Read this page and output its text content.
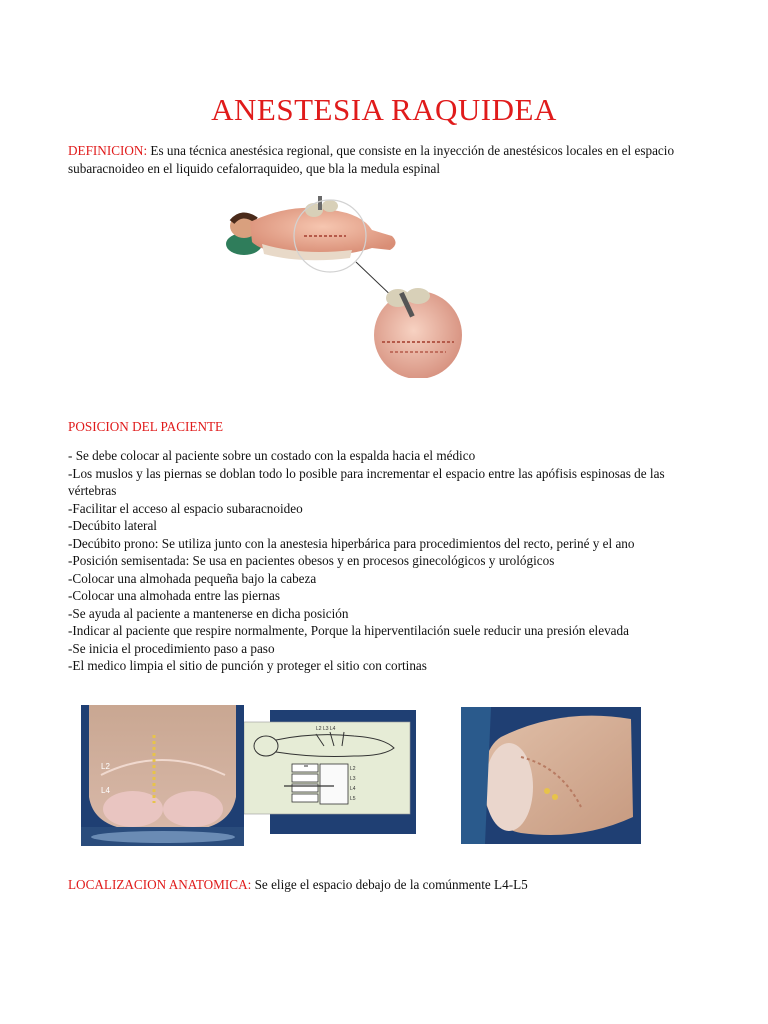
ANESTESIA RAQUIDEA
DEFINICION: Es una técnica anestésica regional, que consiste en la inyección de anestésicos locales en el espacio subaracnoideo en el liquido cefalorraquideo, que bla la medula espinal
POSICION DEL PACIENTE
- Se debe colocar al paciente sobre un costado con la espalda hacia el médico
-Los muslos y las piernas se doblan todo lo posible para incrementar el espacio entre las apófisis espinosas de las vértebras
-Facilitar el acceso al espacio subaracnoideo
-Decúbito lateral
-Decúbito prono: Se utiliza junto con la anestesia hiperbárica para procedimientos del recto, periné y el ano
-Posición semisentada: Se usa en pacientes obesos y en procesos ginecológicos y urológicos
-Colocar una almohada pequeña bajo la cabeza
-Colocar una almohada entre las piernas
-Se ayuda al paciente a mantenerse en dicha posición
-Indicar al paciente que respire normalmente, Porque la hiperventilación suele reducir una presión elevada
-Se inicia el procedimiento paso a paso
-El medico limpia el sitio de punción y proteger el sitio con cortinas
L2
L4
L2 L3 L4
L2
L3
L4
L5
LOCALIZACION ANATOMICA: Se elige el espacio debajo de la comúnmente L4-L5
